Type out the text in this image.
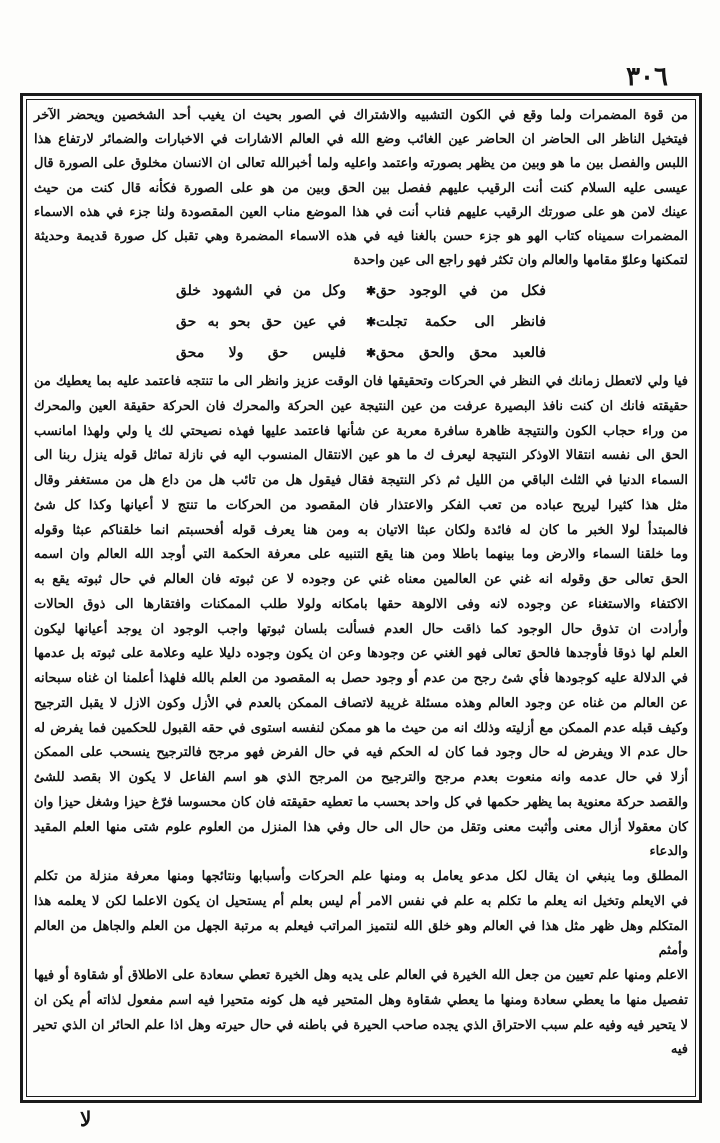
٣٠٦

من قوة المضمرات ولما وقع في الكون التشبيه والاشتراك في الصور بحيث ان يغيب أحد الشخصين ويحضر الآخر

فيتخيل الناظر الى الحاضر ان الحاضر عين الغائب وضع الله في العالم الاشارات في الاخبارات والضمائر لارتفاع هذا

اللبس والفصل بين ما هو وبين من يظهر بصورته واعتمد واعليه ولما أخبرالله تعالى ان الانسان مخلوق على الصورة قال

عيسى عليه السلام كنت أنت الرقيب عليهم ففصل بين الحق وبين من هو على الصورة فكأنه قال كنت من حيث

عينك لامن هو على صورتك الرقيب عليهم فناب أنت في هذا الموضع مناب العين المقصودة ولنا جزء في هذه الاسماء

المضمرات سميناه كتاب الهو هو جزء حسن بالغنا فيه في هذه الاسماء المضمرة وهي تقبل كل صورة قديمة وحديثة

لتمكنها وعلوّ مقامها والعالم وان تكثر فهو راجع الى عين واحدة

فكل من في الوجود حق
✱
وكل من في الشهود خلق
فانظر الى حكمة تجلت
✱
في عين حق بحو به حق
فالعبد محق والحق محق
✱
فليس حق ولا محق

فيا ولي لاتعطل زمانك في النظر في الحركات وتحقيقها فان الوقت عزيز وانظر الى ما تنتجه فاعتمد عليه بما يعطيك من

حقيقته فانك ان كنت نافذ البصيرة عرفت من عين النتيجة عين الحركة والمحرك فان الحركة حقيقة العين والمحرك

من وراء حجاب الكون والنتيجة ظاهرة سافرة معربة عن شأنها فاعتمد عليها فهذه نصيحتي لك يا ولي ولهذا امانسب

الحق الى نفسه انتقالا الاوذكر النتيجة ليعرف ك ما هو عين الانتقال المنسوب اليه في نازلة تماثل قوله ينزل ربنا الى

السماء الدنيا في الثلث الباقي من الليل ثم ذكر النتيجة فقال فيقول هل من تائب هل من داع هل من مستغفر وقال

مثل هذا كثيرا ليريح عباده من تعب الفكر والاعتذار فان المقصود من الحركات ما تنتج لا أعيانها وكذا كل شئ

فالمبتدأ لولا الخبر ما كان له فائدة ولكان عبثا الاتيان به ومن هنا يعرف قوله أفحسبتم انما خلقناكم عبثا وقوله

وما خلقنا السماء والارض وما بينهما باطلا ومن هنا يقع التنبيه على معرفة الحكمة التي أوجد الله العالم وان اسمه

الحق تعالى حق وقوله انه غني عن العالمين معناه غني عن وجوده لا عن ثبوته فان العالم في حال ثبوته يقع به

الاكتفاء والاستغناء عن وجوده لانه وفى الالوهة حقها بامكانه ولولا طلب الممكنات وافتقارها الى ذوق الحالات

وأرادت ان تذوق حال الوجود كما ذاقت حال العدم فسألت بلسان ثبوتها واجب الوجود ان يوجد أعيانها ليكون

العلم لها ذوقا فأوجدها فالحق تعالى فهو الغني عن وجودها وعن ان يكون وجوده دليلا عليه وعلامة على ثبوته بل عدمها

في الدلالة عليه كوجودها فأي شئ رجح من عدم أو وجود حصل به المقصود من العلم بالله فلهذا أعلمنا ان غناه سبحانه

عن العالم من غناه عن وجود العالم وهذه مسئلة غريبة لاتصاف الممكن بالعدم في الأزل وكون الازل لا يقبل الترجيح

وكيف قبله عدم الممكن مع أزليته وذلك انه من حيث ما هو ممكن لنفسه استوى في حقه القبول للحكمين فما يفرض له

حال عدم الا ويفرض له حال وجود فما كان له الحكم فيه في حال الفرض فهو مرجح فالترجيح ينسحب على الممكن

أزلا في حال عدمه وانه منعوت بعدم مرجح والترجيح من المرجح الذي هو اسم الفاعل لا يكون الا بقصد للشئ

والقصد حركة معنوية بما يظهر حكمها في كل واحد بحسب ما تعطيه حقيقته فان كان محسوسا فرّغ حيزا وشغل حيزا وان

كان معقولا أزال معنى وأثبت معنى وتقل من حال الى حال وفي هذا المنزل من العلوم علوم شتى منها العلم المقيد والدعاء

المطلق وما ينبغي ان يقال لكل مدعو يعامل به ومنها علم الحركات وأسبابها ونتائجها ومنها معرفة منزلة من تكلم

في الايعلم وتخيل انه يعلم ما تكلم به علم في نفس الامر أم ليس بعلم أم يستحيل ان يكون الاعلما لكن لا يعلمه هذا

المتكلم وهل ظهر مثل هذا في العالم وهو خلق الله لنتميز المراتب فيعلم به مرتبة الجهل من العلم والجاهل من العالم وأمثم

الاعلم ومنها علم تعيين من جعل الله الخيرة في العالم على يديه وهل الخيرة تعطي سعادة على الاطلاق أو شقاوة أو فيها

تفصيل منها ما يعطي سعادة ومنها ما يعطي شقاوة وهل المتحير فيه هل كونه متحيرا فيه اسم مفعول لذاته أم يكن ان

لا يتحير فيه وفيه علم سبب الاحتراق الذي يجده صاحب الحيرة في باطنه في حال حيرته وهل اذا علم الحائر ان الذي تحير فيه

لا
